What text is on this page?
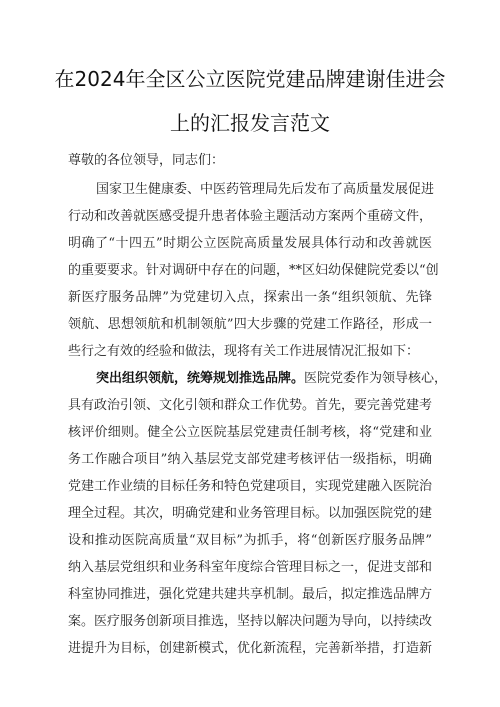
在2024年全区公立医院党建品牌建谢佳进会
上的汇报发言范文
尊敬的各位领导，同志们：
国家卫生健康委、中医药管理局先后发布了高质量发展促进
行动和改善就医感受提升患者体验主题活动方案两个重磅文件，
明确了“十四五”时期公立医院高质量发展具体行动和改善就医
的重要要求。针对调研中存在的问题，**区妇幼保健院党委以“创
新医疗服务品牌”为党建切入点，探索出一条“组织领航、先锋
领航、思想领航和机制领航”四大步骤的党建工作路径，形成一
些行之有效的经验和做法，现将有关工作进展情况汇报如下：
突出组织领航，统筹规划推选品牌。医院党委作为领导核心，
具有政治引领、文化引领和群众工作优势。首先，要完善党建考
核评价细则。健全公立医院基层党建责任制考核，将“党建和业
务工作融合项目”纳入基层党支部党建考核评估一级指标，明确
党建工作业绩的目标任务和特色党建项目，实现党建融入医院治
理全过程。其次，明确党建和业务管理目标。以加强医院党的建
设和推动医院高质量“双目标”为抓手，将“创新医疗服务品牌”
纳入基层党组织和业务科室年度综合管理目标之一，促进支部和
科室协同推进，强化党建共建共享机制。最后，拟定推选品牌方
案。医疗服务创新项目推选，坚持以解决问题为导向，以持续改
进提升为目标，创建新模式，优化新流程，完善新举措，打造新
